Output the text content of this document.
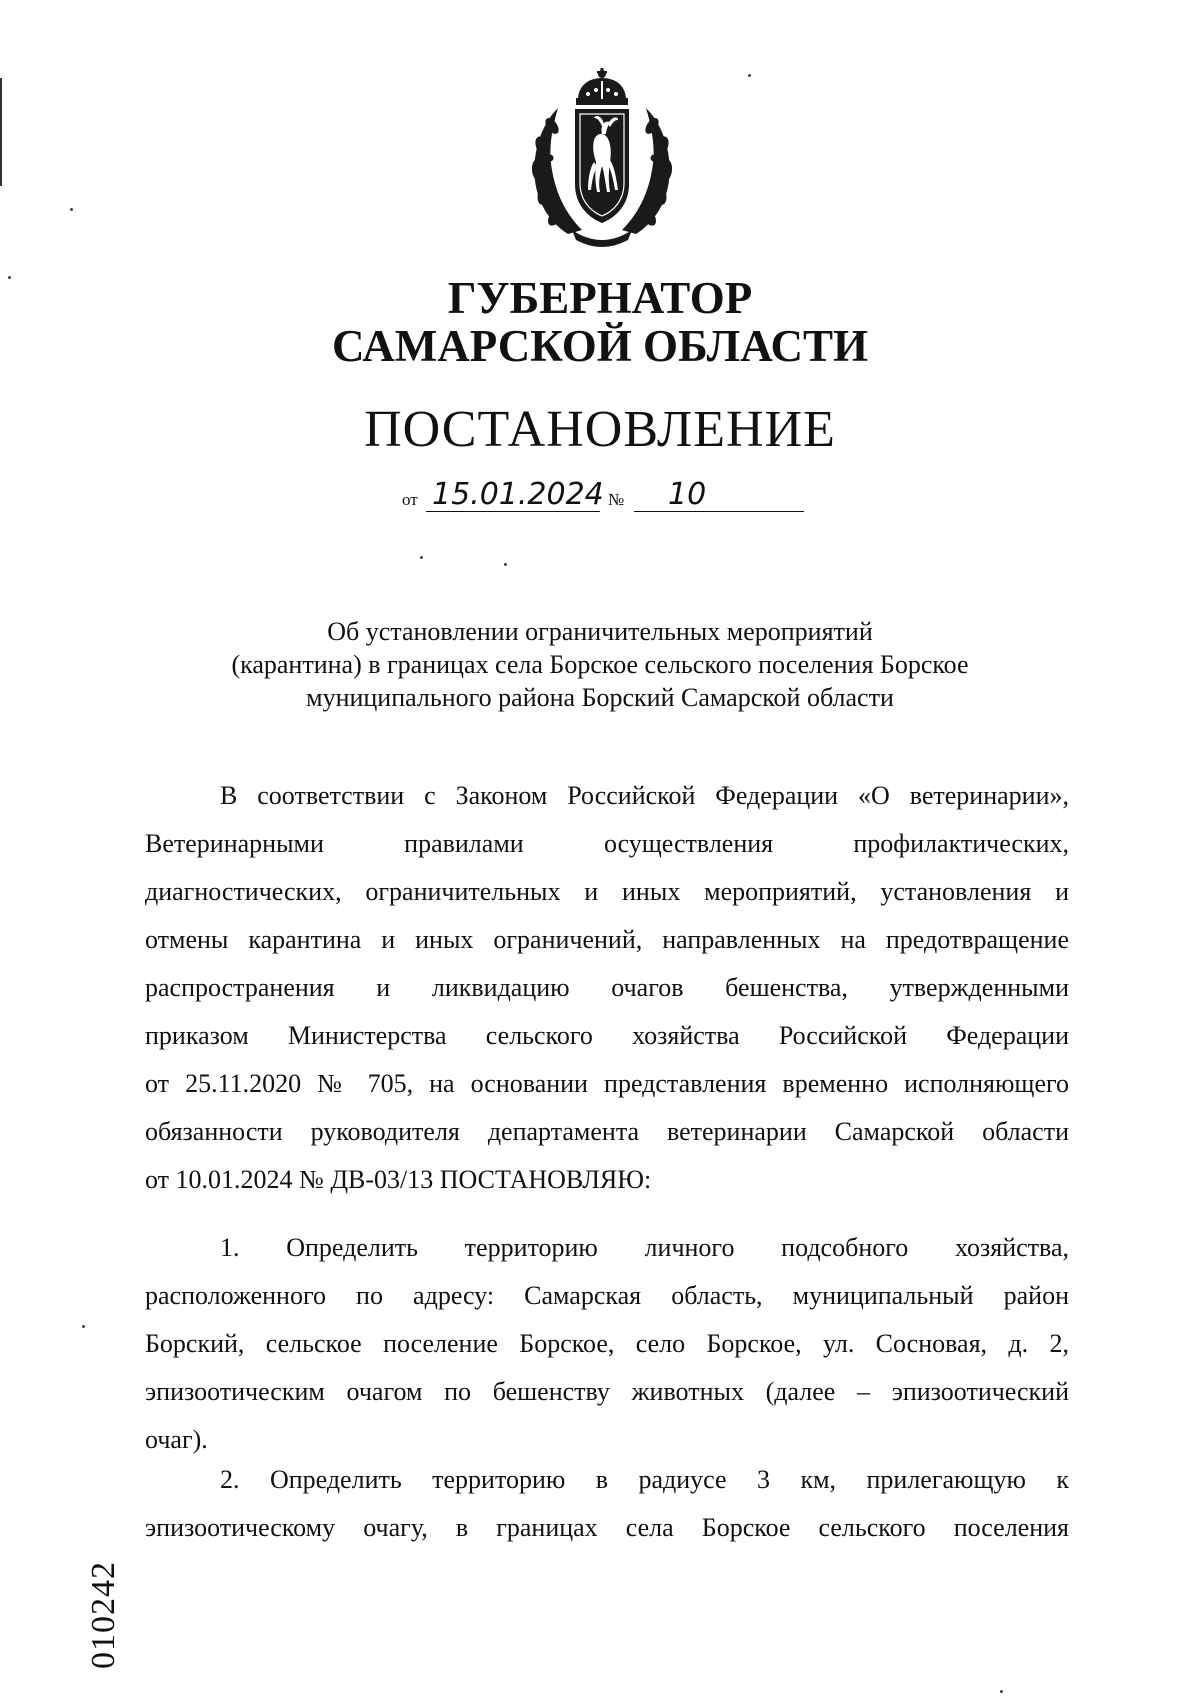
ГУБЕРНАТОР
САМАРСКОЙ ОБЛАСТИ
ПОСТАНОВЛЕНИЕ
от 15.01.2024 № 10
Об установлении ограничительных мероприятий
(карантина) в границах села Борское сельского поселения Борское
муниципального района Борский Самарской области
В соответствии с Законом Российской Федерации «О ветеринарии»,
Ветеринарными правилами осуществления профилактических,
диагностических, ограничительных и иных мероприятий, установления и
отмены карантина и иных ограничений, направленных на предотвращение
распространения и ликвидацию очагов бешенства, утвержденными
приказом Министерства сельского хозяйства Российской Федерации
от 25.11.2020 № 705, на основании представления временно исполняющего
обязанности руководителя департамента ветеринарии Самарской области
от 10.01.2024 № ДВ-03/13 ПОСТАНОВЛЯЮ:
1. Определить территорию личного подсобного хозяйства,
расположенного по адресу: Самарская область, муниципальный район
Борский, сельское поселение Борское, село Борское, ул. Сосновая, д. 2,
эпизоотическим очагом по бешенству животных (далее – эпизоотический
очаг).
2. Определить территорию в радиусе 3 км, прилегающую к
эпизоотическому очагу, в границах села Борское сельского поселения
010242
